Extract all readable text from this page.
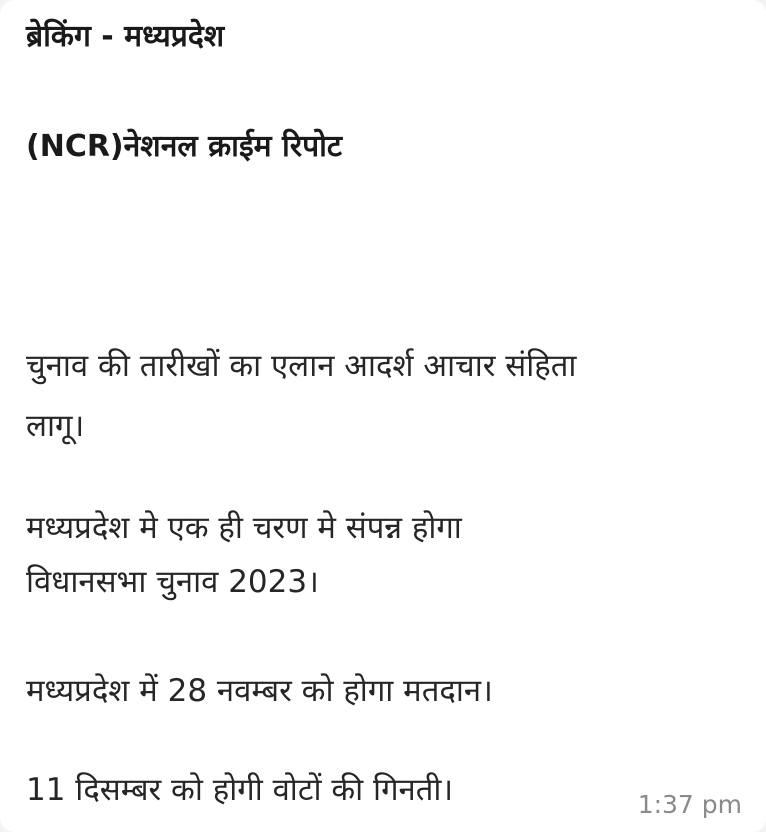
ब्रेकिंग - मध्यप्रदेश
(NCR)नेशनल क्राईम रिपोट
चुनाव की तारीखों का एलान आदर्श आचार संहिता
लागू।
मध्यप्रदेश मे एक ही चरण मे संपन्न होगा
विधानसभा चुनाव 2023।
मध्यप्रदेश में 28 नवम्बर को होगा मतदान।
11 दिसम्बर को होगी वोटों की गिनती।	1:37 pm
